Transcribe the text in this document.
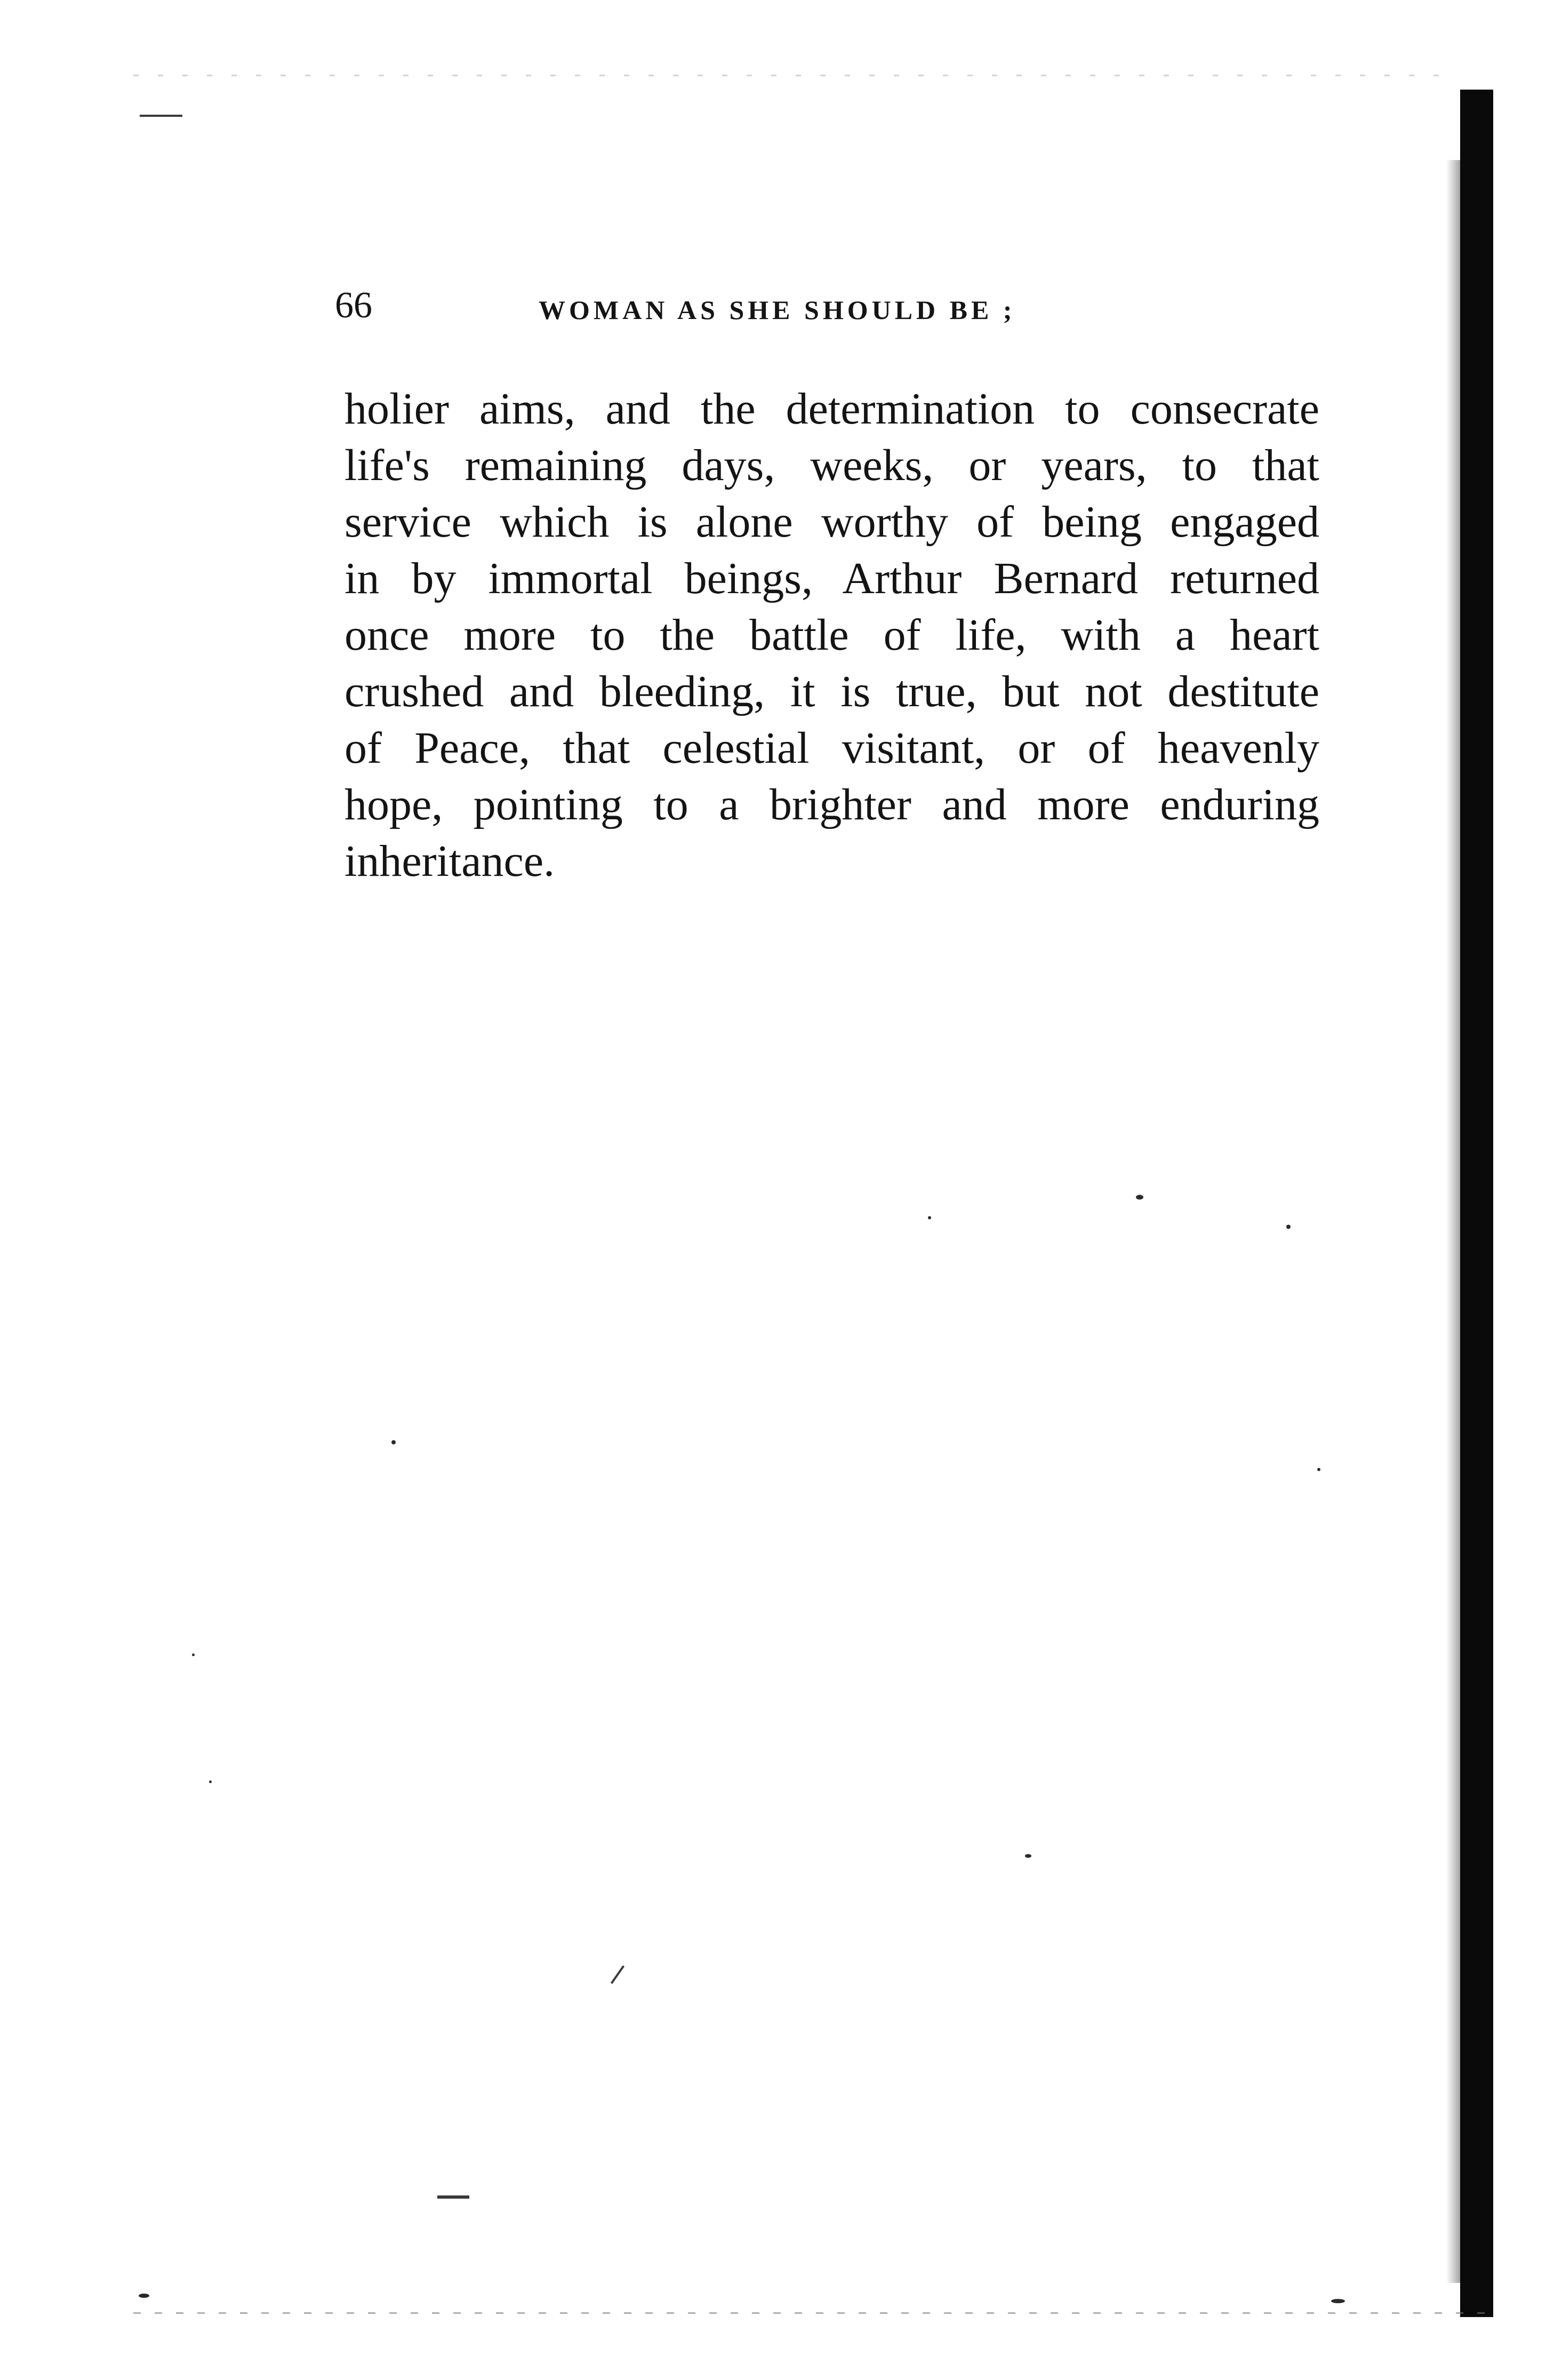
66	WOMAN AS SHE SHOULD BE ;
holier aims, and the determination to consecrate
life's remaining days, weeks, or years, to that
service which is alone worthy of being engaged
in by immortal beings, Arthur Bernard returned
once more to the battle of life, with a heart
crushed and bleeding, it is true, but not destitute
of Peace, that celestial visitant, or of heavenly
hope, pointing to a brighter and more enduring
inheritance.
